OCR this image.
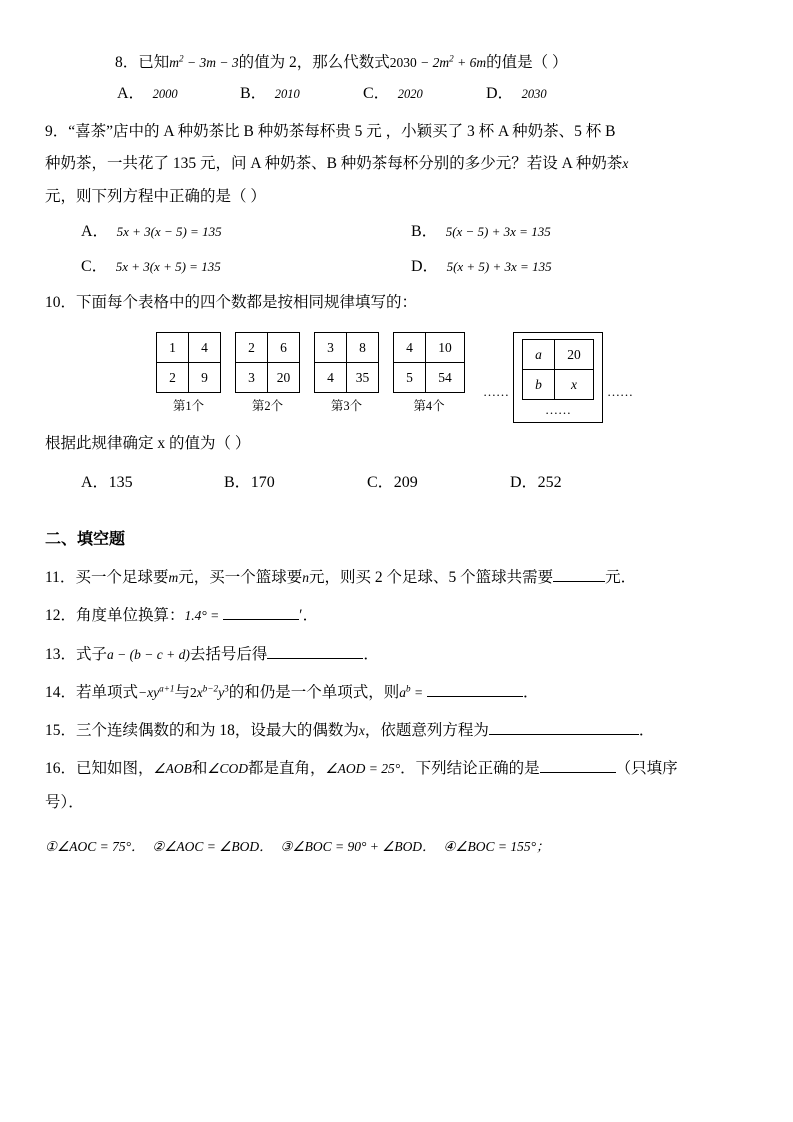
8．已知$m^2 - 3m - 3$的值为 2，那么代数式$2030 - 2m^2 + 6m$的值是（ ）
A． 2000	B． 2010	C． 2020	D． 2030
9．“喜茶”店中的 A 种奶茶比 B 种奶茶每杯贵 5 元 ，小颖买了 3 杯 A 种奶茶、5 杯 B
种奶茶，一共花了 135 元，问 A 种奶茶、B 种奶茶每杯分别的多少元？若设 A 种奶茶x
元，则下列方程中正确的是（ ）
A． 5x + 3(x − 5) = 135	B． 5(x − 5) + 3x = 135
C． 5x + 3(x + 5) = 135	D． 5(x + 5) + 3x = 135
10．下面每个表格中的四个数都是按相同规律填写的：
1	4
2	9
第1个
2	6
3	20
第2个
3	8
4	35
第3个
4	10
5	54
第4个
……
a	20
b	x
……
……
根据此规律确定 x 的值为（ ）
A．135	B．170	C．209	D．252
二、填空题
11．买一个足球要m元，买一个篮球要n元，则买 2 个足球、5 个篮球共需要	元．
12．角度单位换算：1.4° =	′．
13．式子a − (b − c + d)去括号后得	．
14．若单项式$-xy^{a+1}$与$2x^{b-2}y^3$的和仍是一个单项式，则$a^b$ =	．
15．三个连续偶数的和为 18，设最大的偶数为x，依题意列方程为	．
16．已知如图，∠AOB和∠COD都是直角，∠AOD = 25°．下列结论正确的是	（只填序
号）．
①∠AOC = 75°． ②∠AOC = ∠BOD． ③∠BOC = 90° + ∠BOD． ④∠BOC = 155°；
